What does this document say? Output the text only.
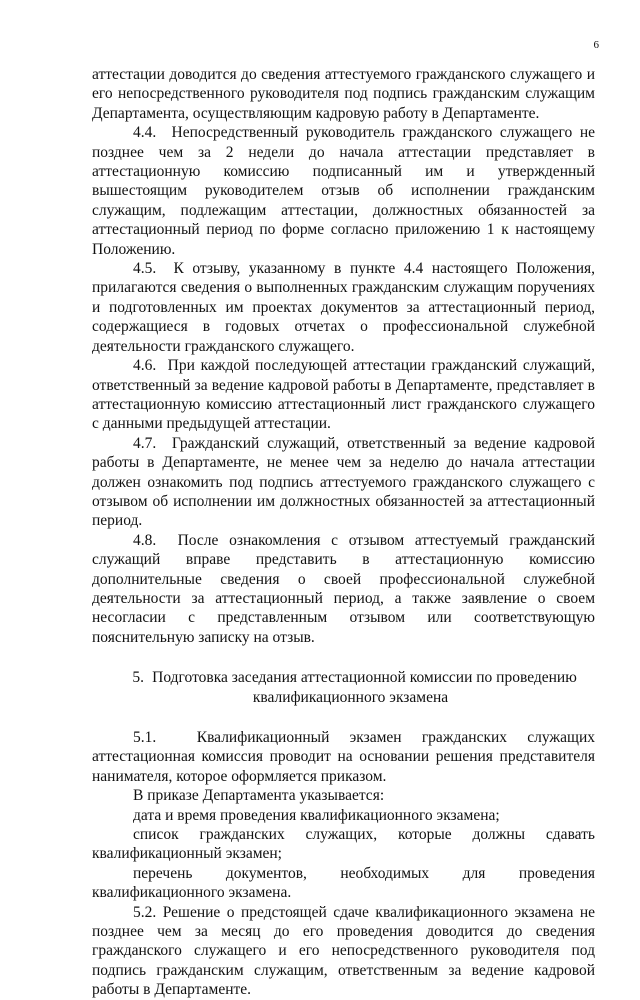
6

аттестации доводится до сведения аттестуемого гражданского служащего и его непосредственного руководителя под подпись гражданским служащим Департамента, осуществляющим кадровую работу в Департаменте.

4.4.  Непосредственный руководитель гражданского служащего не позднее чем за 2 недели до начала аттестации представляет в аттестационную комиссию подписанный им и утвержденный вышестоящим руководителем отзыв об исполнении гражданским служащим, подлежащим аттестации, должностных обязанностей за аттестационный период по форме согласно приложению 1 к настоящему Положению.

4.5.  К отзыву, указанному в пункте 4.4 настоящего Положения, прилагаются сведения о выполненных гражданским служащим поручениях и подготовленных им проектах документов за аттестационный период, содержащиеся в годовых отчетах о профессиональной служебной деятельности гражданского служащего.

4.6.  При каждой последующей аттестации гражданский служащий, ответственный за ведение кадровой работы в Департаменте, представляет в аттестационную комиссию аттестационный лист гражданского служащего с данными предыдущей аттестации.

4.7.  Гражданский служащий, ответственный за ведение кадровой работы в Департаменте, не менее чем за неделю до начала аттестации должен ознакомить под подпись аттестуемого гражданского служащего с отзывом об исполнении им должностных обязанностей за аттестационный период.

4.8.  После ознакомления с отзывом аттестуемый гражданский служащий вправе представить в аттестационную комиссию дополнительные сведения о своей профессиональной служебной деятельности за аттестационный период, а также заявление о своем несогласии с представленным отзывом или соответствующую пояснительную записку на отзыв.

5. Подготовка заседания аттестационной комиссии по проведению квалификационного экзамена

5.1.  Квалификационный экзамен гражданских служащих аттестационная комиссия проводит на основании решения представителя нанимателя, которое оформляется приказом.

В приказе Департамента указывается:

дата и время проведения квалификационного экзамена;

список гражданских служащих, которые должны сдавать квалификационный экзамен;

перечень документов, необходимых для проведения квалификационного экзамена.

5.2. Решение о предстоящей сдаче квалификационного экзамена не позднее чем за месяц до его проведения доводится до сведения гражданского служащего и его непосредственного руководителя под подпись гражданским служащим, ответственным за ведение кадровой работы в Департаменте.
